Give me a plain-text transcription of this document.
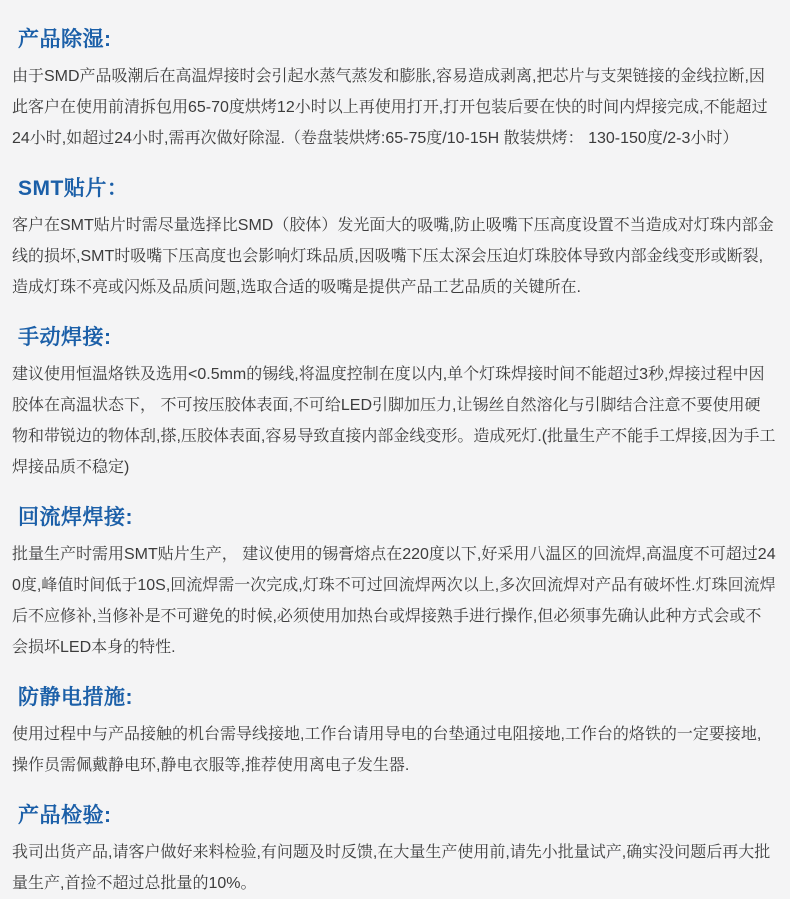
产品除湿:

由于SMD产品吸潮后在高温焊接时会引起水蒸气蒸发和膨胀,容易造成剥离,把芯片与支架链接的金线拉断,因此客户在使用前清拆包用65-70度烘烤12小时以上再使用打开,打开包装后要在快的时间内焊接完成,不能超过24小时,如超过24小时,需再次做好除湿.（卷盘装烘烤:65-75度/10-15H 散装烘烤： 130-150度/2-3小时）

SMT贴片：

客户在SMT贴片时需尽量选择比SMD（胶体）发光面大的吸嘴,防止吸嘴下压高度设置不当造成对灯珠内部金线的损坏,SMT时吸嘴下压高度也会影响灯珠品质,因吸嘴下压太深会压迫灯珠胶体导致内部金线变形或断裂,造成灯珠不亮或闪烁及品质问题,选取合适的吸嘴是提供产品工艺品质的关键所在.

手动焊接:

建议使用恒温烙铁及选用<0.5mm的锡线,将温度控制在度以内,单个灯珠焊接时间不能超过3秒,焊接过程中因胶体在高温状态下， 不可按压胶体表面,不可给LED引脚加压力,让锡丝自然溶化与引脚结合注意不要使用硬物和带锐边的物体刮,搽,压胶体表面,容易导致直接内部金线变形。造成死灯.(批量生产不能手工焊接,因为手工焊接品质不稳定)

回流焊焊接:

批量生产时需用SMT贴片生产， 建议使用的锡膏熔点在220度以下,好采用八温区的回流焊,高温度不可超过240度,峰值时间低于10S,回流焊需一次完成,灯珠不可过回流焊两次以上,多次回流焊对产品有破坏性.灯珠回流焊后不应修补,当修补是不可避免的时候,必须使用加热台或焊接熟手进行操作,但必须事先确认此种方式会或不会损坏LED本身的特性.

防静电措施:

使用过程中与产品接触的机台需导线接地,工作台请用导电的台垫通过电阻接地,工作台的烙铁的一定要接地,操作员需佩戴静电环,静电衣服等,推荐使用离电子发生器.

产品检验:

我司出货产品,请客户做好来料检验,有问题及时反馈,在大量生产使用前,请先小批量试产,确实没问题后再大批量生产,首捡不超过总批量的10%。
